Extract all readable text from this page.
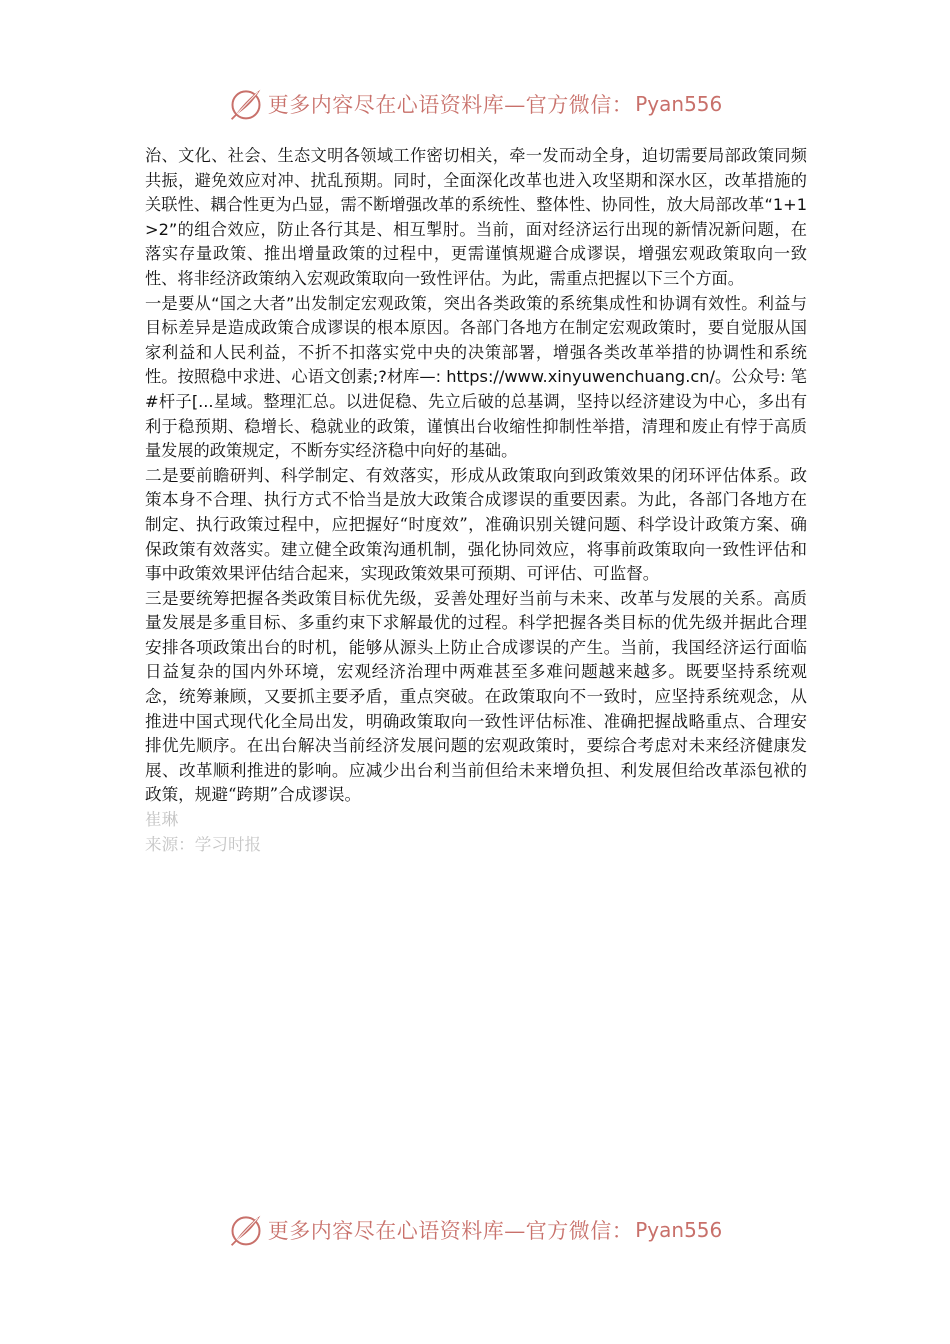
更多内容尽在心语资料库—官方微信： Pyan556

治、文化、社会、生态文明各领域工作密切相关，牵一发而动全身，迫切需要局部政策同频共振，避免效应对冲、扰乱预期。同时，全面深化改革也进入攻坚期和深水区，改革措施的关联性、耦合性更为凸显，需不断增强改革的系统性、整体性、协同性，放大局部改革“1+1>2”的组合效应，防止各行其是、相互掣肘。当前，面对经济运行出现的新情况新问题，在落实存量政策、推出增量政策的过程中，更需谨慎规避合成谬误，增强宏观政策取向一致性、将非经济政策纳入宏观政策取向一致性评估。为此，需重点把握以下三个方面。

一是要从“国之大者”出发制定宏观政策，突出各类政策的系统集成性和协调有效性。利益与目标差异是造成政策合成谬误的根本原因。各部门各地方在制定宏观政策时，要自觉服从国家利益和人民利益，不折不扣落实党中央的决策部署，增强各类改革举措的协调性和系统性。按照稳中求进、心语文创素;?材库—: https://www.xinyuwenchuang.cn/。公众号: 笔#杆子[...星域。整理汇总。以进促稳、先立后破的总基调，坚持以经济建设为中心，多出有利于稳预期、稳增长、稳就业的政策，谨慎出台收缩性抑制性举措，清理和废止有悖于高质量发展的政策规定，不断夯实经济稳中向好的基础。

二是要前瞻研判、科学制定、有效落实，形成从政策取向到政策效果的闭环评估体系。政策本身不合理、执行方式不恰当是放大政策合成谬误的重要因素。为此，各部门各地方在制定、执行政策过程中，应把握好“时度效”，准确识别关键问题、科学设计政策方案、确保政策有效落实。建立健全政策沟通机制，强化协同效应，将事前政策取向一致性评估和事中政策效果评估结合起来，实现政策效果可预期、可评估、可监督。

三是要统筹把握各类政策目标优先级，妥善处理好当前与未来、改革与发展的关系。高质量发展是多重目标、多重约束下求解最优的过程。科学把握各类目标的优先级并据此合理安排各项政策出台的时机，能够从源头上防止合成谬误的产生。当前，我国经济运行面临日益复杂的国内外环境，宏观经济治理中两难甚至多难问题越来越多。既要坚持系统观念，统筹兼顾，又要抓主要矛盾，重点突破。在政策取向不一致时，应坚持系统观念，从推进中国式现代化全局出发，明确政策取向一致性评估标准、准确把握战略重点、合理安排优先顺序。在出台解决当前经济发展问题的宏观政策时，要综合考虑对未来经济健康发展、改革顺利推进的影响。应减少出台利当前但给未来增负担、利发展但给改革添包袱的政策，规避“跨期”合成谬误。

崔琳

来源：学习时报

更多内容尽在心语资料库—官方微信： Pyan556
